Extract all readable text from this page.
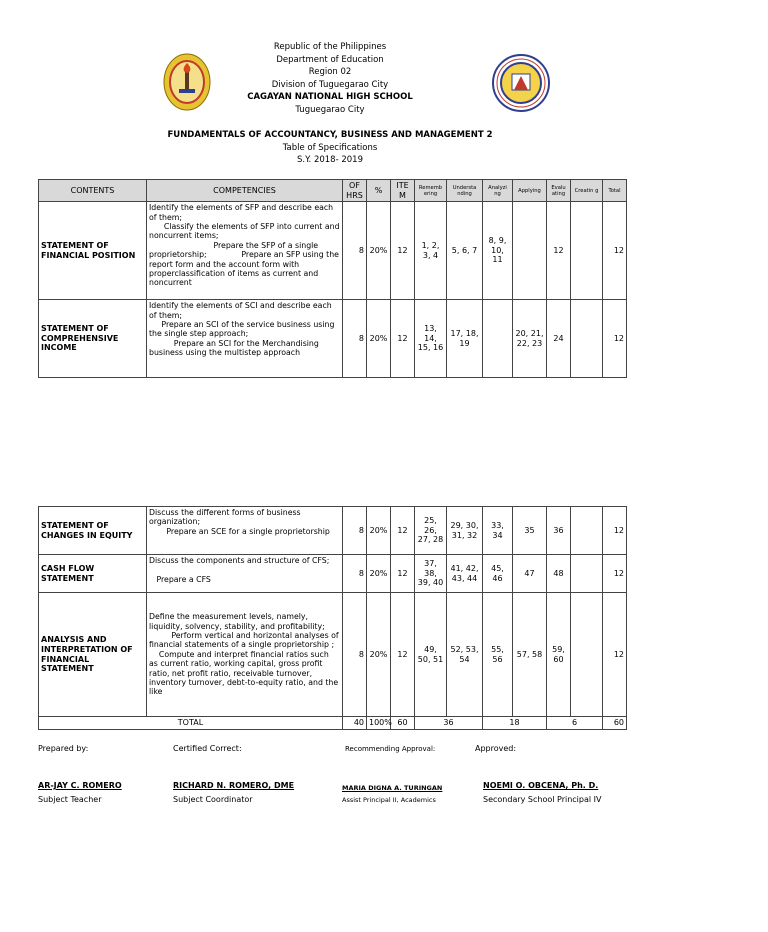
Republic of the Philippines
Department of Education
Region 02
Division of Tuguegarao City
CAGAYAN NATIONAL HIGH SCHOOL
Tuguegarao City
FUNDAMENTALS OF ACCOUNTANCY, BUSINESS AND MANAGEMENT 2
Table of Specifications
S.Y. 2018- 2019
CONTENTS	COMPETENCIES	OF HRS	%	ITE M	Rememb ering	Understa nding	Analyzi ng	Applying	Evalu ating	Creatin g	Total
STATEMENT OF FINANCIAL POSITION	Identify the elements of SFP and describe each of them;
Classify the elements of SFP into current and noncurrent items;
Prepare the SFP of a single proprietorship;              Prepare an SFP using the report form and the account form with properclassification of items as current and noncurrent	8	20%	12	1, 2, 3, 4	5, 6, 7	8, 9, 10, 11		12		12
STATEMENT OF COMPREHENSIVE INCOME	Identify the elements of SCI and describe each of them;
Prepare an SCI of the service business using the single step approach;
Prepare an SCI for the Merchandising business using the multistep approach	8	20%	12	13, 14, 15, 16	17, 18, 19		20, 21, 22, 23	24		12
STATEMENT OF CHANGES IN EQUITY	Discuss the different forms of business organization;
Prepare an SCE for a single proprietorship	8	20%	12	25, 26, 27, 28	29, 30, 31, 32	33, 34	35	36		12
CASH FLOW STATEMENT	Discuss the components and structure of CFS;

Prepare a CFS	8	20%	12	37, 38, 39, 40	41, 42, 43, 44	45, 46	47	48		12
ANALYSIS AND INTERPRETATION OF FINANCIAL STATEMENT	Define the measurement levels, namely, liquidity, solvency, stability, and profitability;
Perform vertical and horizontal analyses of financial statements of a single proprietorship ;
Compute and interpret financial ratios such as current ratio, working capital, gross profit ratio, net profit ratio, receivable turnover, inventory turnover, debt-to-equity ratio, and the like	8	20%	12	49, 50, 51	52, 53, 54	55, 56	57, 58	59, 60		12
TOTAL		40	100%	60	36		18		6		60
Prepared by:	Certified Correct:	Recommending Approval:	Approved:
AR-JAY C. ROMERO
Subject Teacher
RICHARD N. ROMERO, DME
Subject Coordinator
MARIA DIGNA A. TURINGAN
Assist Principal II, Academics
NOEMI O. OBCENA, Ph. D.
Secondary School Principal IV
